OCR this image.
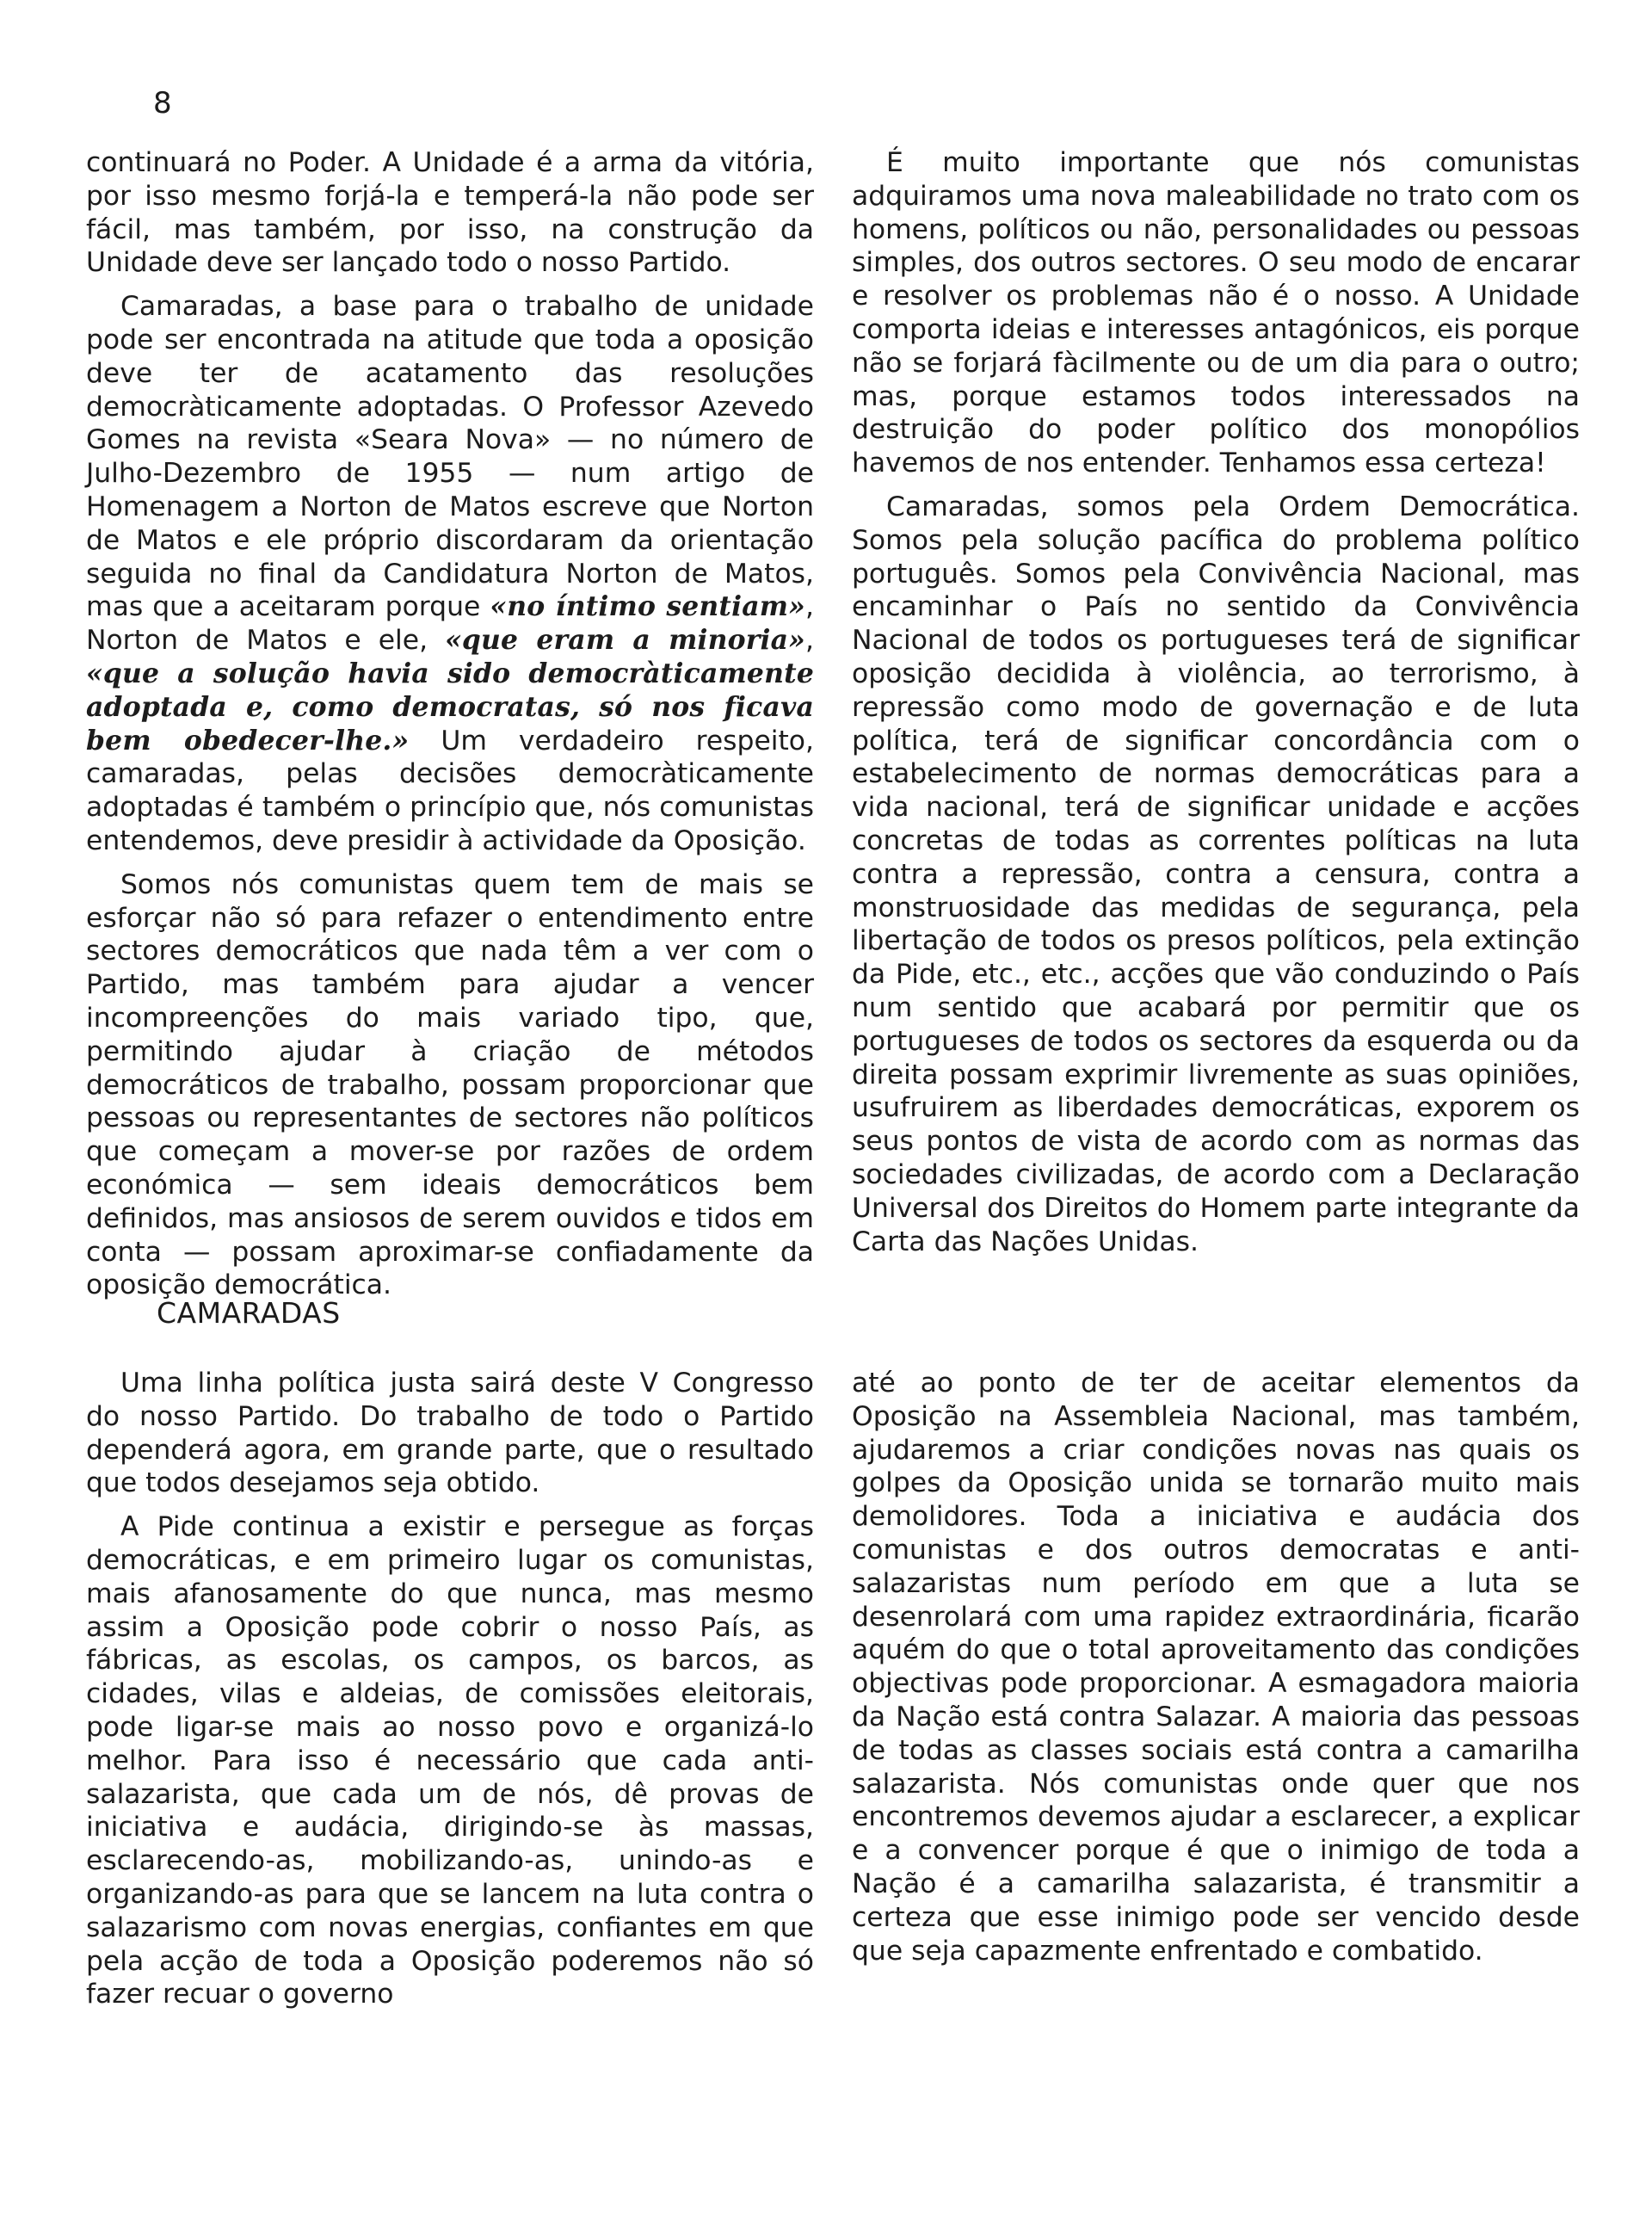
8

continuará no Poder. A Unidade é a arma da vitória, por isso mesmo forjá-la e temperá-la não pode ser fácil, mas também, por isso, na construção da Unidade deve ser lançado todo o nosso Partido.

Camaradas, a base para o trabalho de unidade pode ser encontrada na atitude que toda a oposição deve ter de acatamento das resoluções democràticamente adoptadas. O Professor Azevedo Gomes na revista «Seara Nova» — no número de Julho-Dezembro de 1955 — num artigo de Homenagem a Norton de Matos escreve que Norton de Matos e ele próprio discordaram da orientação seguida no final da Candidatura Norton de Matos, mas que a aceitaram porque «no íntimo sentiam», Norton de Matos e ele, «que eram a minoria», «que a solução havia sido democràticamente adoptada e, como democratas, só nos ficava bem obedecer-lhe.» Um verdadeiro respeito, camaradas, pelas decisões democràticamente adoptadas é também o princípio que, nós comunistas entendemos, deve presidir à actividade da Oposição.

Somos nós comunistas quem tem de mais se esforçar não só para refazer o entendimento entre sectores democráticos que nada têm a ver com o Partido, mas também para ajudar a vencer incompreenções do mais variado tipo, que, permitindo ajudar à criação de métodos democráticos de trabalho, possam proporcionar que pessoas ou representantes de sectores não políticos que começam a mover-se por razões de ordem económica — sem ideais democráticos bem definidos, mas ansiosos de serem ouvidos e tidos em conta — possam aproximar-se confiadamente da oposição democrática.

É muito importante que nós comunistas adquiramos uma nova maleabilidade no trato com os homens, políticos ou não, personalidades ou pessoas simples, dos outros sectores. O seu modo de encarar e resolver os problemas não é o nosso. A Unidade comporta ideias e interesses antagónicos, eis porque não se forjará fàcilmente ou de um dia para o outro; mas, porque estamos todos interessados na destruição do poder político dos monopólios havemos de nos entender. Tenhamos essa certeza!

Camaradas, somos pela Ordem Democrática. Somos pela solução pacífica do problema político português. Somos pela Convivência Nacional, mas encaminhar o País no sentido da Convivência Nacional de todos os portugueses terá de significar oposição decidida à violência, ao terrorismo, à repressão como modo de governação e de luta política, terá de significar concordância com o estabelecimento de normas democráticas para a vida nacional, terá de significar unidade e acções concretas de todas as correntes políticas na luta contra a repressão, contra a censura, contra a monstruosidade das medidas de segurança, pela libertação de todos os presos políticos, pela extinção da Pide, etc., etc., acções que vão conduzindo o País num sentido que acabará por permitir que os portugueses de todos os sectores da esquerda ou da direita possam exprimir livremente as suas opiniões, usufruirem as liberdades democráticas, exporem os seus pontos de vista de acordo com as normas das sociedades civilizadas, de acordo com a Declaração Universal dos Direitos do Homem parte integrante da Carta das Nações Unidas.

CAMARADAS

Uma linha política justa sairá deste V Congresso do nosso Partido. Do trabalho de todo o Partido dependerá agora, em grande parte, que o resultado que todos desejamos seja obtido.

A Pide continua a existir e persegue as forças democráticas, e em primeiro lugar os comunistas, mais afanosamente do que nunca, mas mesmo assim a Oposição pode cobrir o nosso País, as fábricas, as escolas, os campos, os barcos, as cidades, vilas e aldeias, de comissões eleitorais, pode ligar-se mais ao nosso povo e organizá-lo melhor. Para isso é necessário que cada anti-salazarista, que cada um de nós, dê provas de iniciativa e audácia, dirigindo-se às massas, esclarecendo-as, mobilizando-as, unindo-as e organizando-as para que se lancem na luta contra o salazarismo com novas energias, confiantes em que pela acção de toda a Oposição poderemos não só fazer recuar o governo

até ao ponto de ter de aceitar elementos da Oposição na Assembleia Nacional, mas também, ajudaremos a criar condições novas nas quais os golpes da Oposição unida se tornarão muito mais demolidores. Toda a iniciativa e audácia dos comunistas e dos outros democratas e anti-salazaristas num período em que a luta se desenrolará com uma rapidez extraordinária, ficarão aquém do que o total aproveitamento das condições objectivas pode proporcionar. A esmagadora maioria da Nação está contra Salazar. A maioria das pessoas de todas as classes sociais está contra a camarilha salazarista. Nós comunistas onde quer que nos encontremos devemos ajudar a esclarecer, a explicar e a convencer porque é que o inimigo de toda a Nação é a camarilha salazarista, é transmitir a certeza que esse inimigo pode ser vencido desde que seja capazmente enfrentado e combatido.
